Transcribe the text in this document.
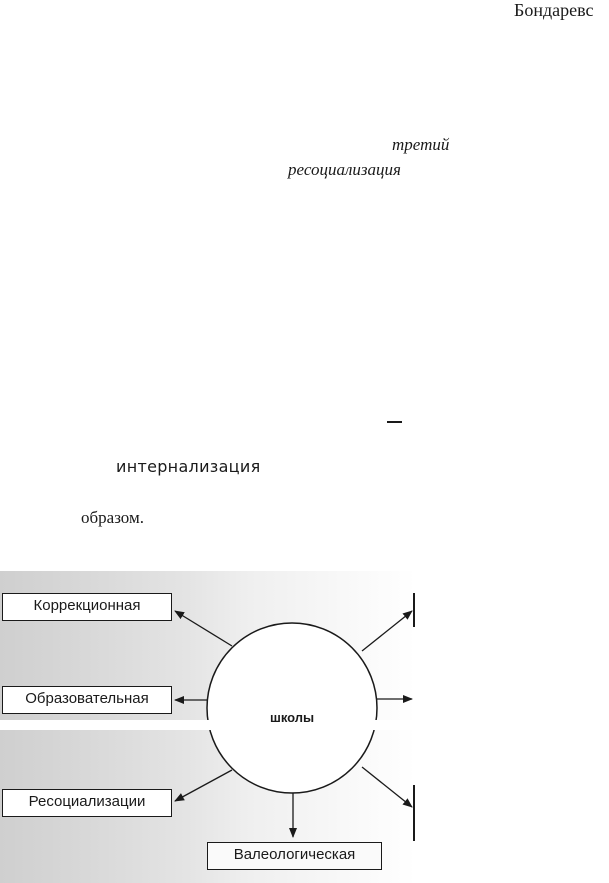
Бондаревс
третий
ресоциализация
интернализация
образом.
Коррекционная
Образовательная
Ресоциализации
Валеологическая
школы
